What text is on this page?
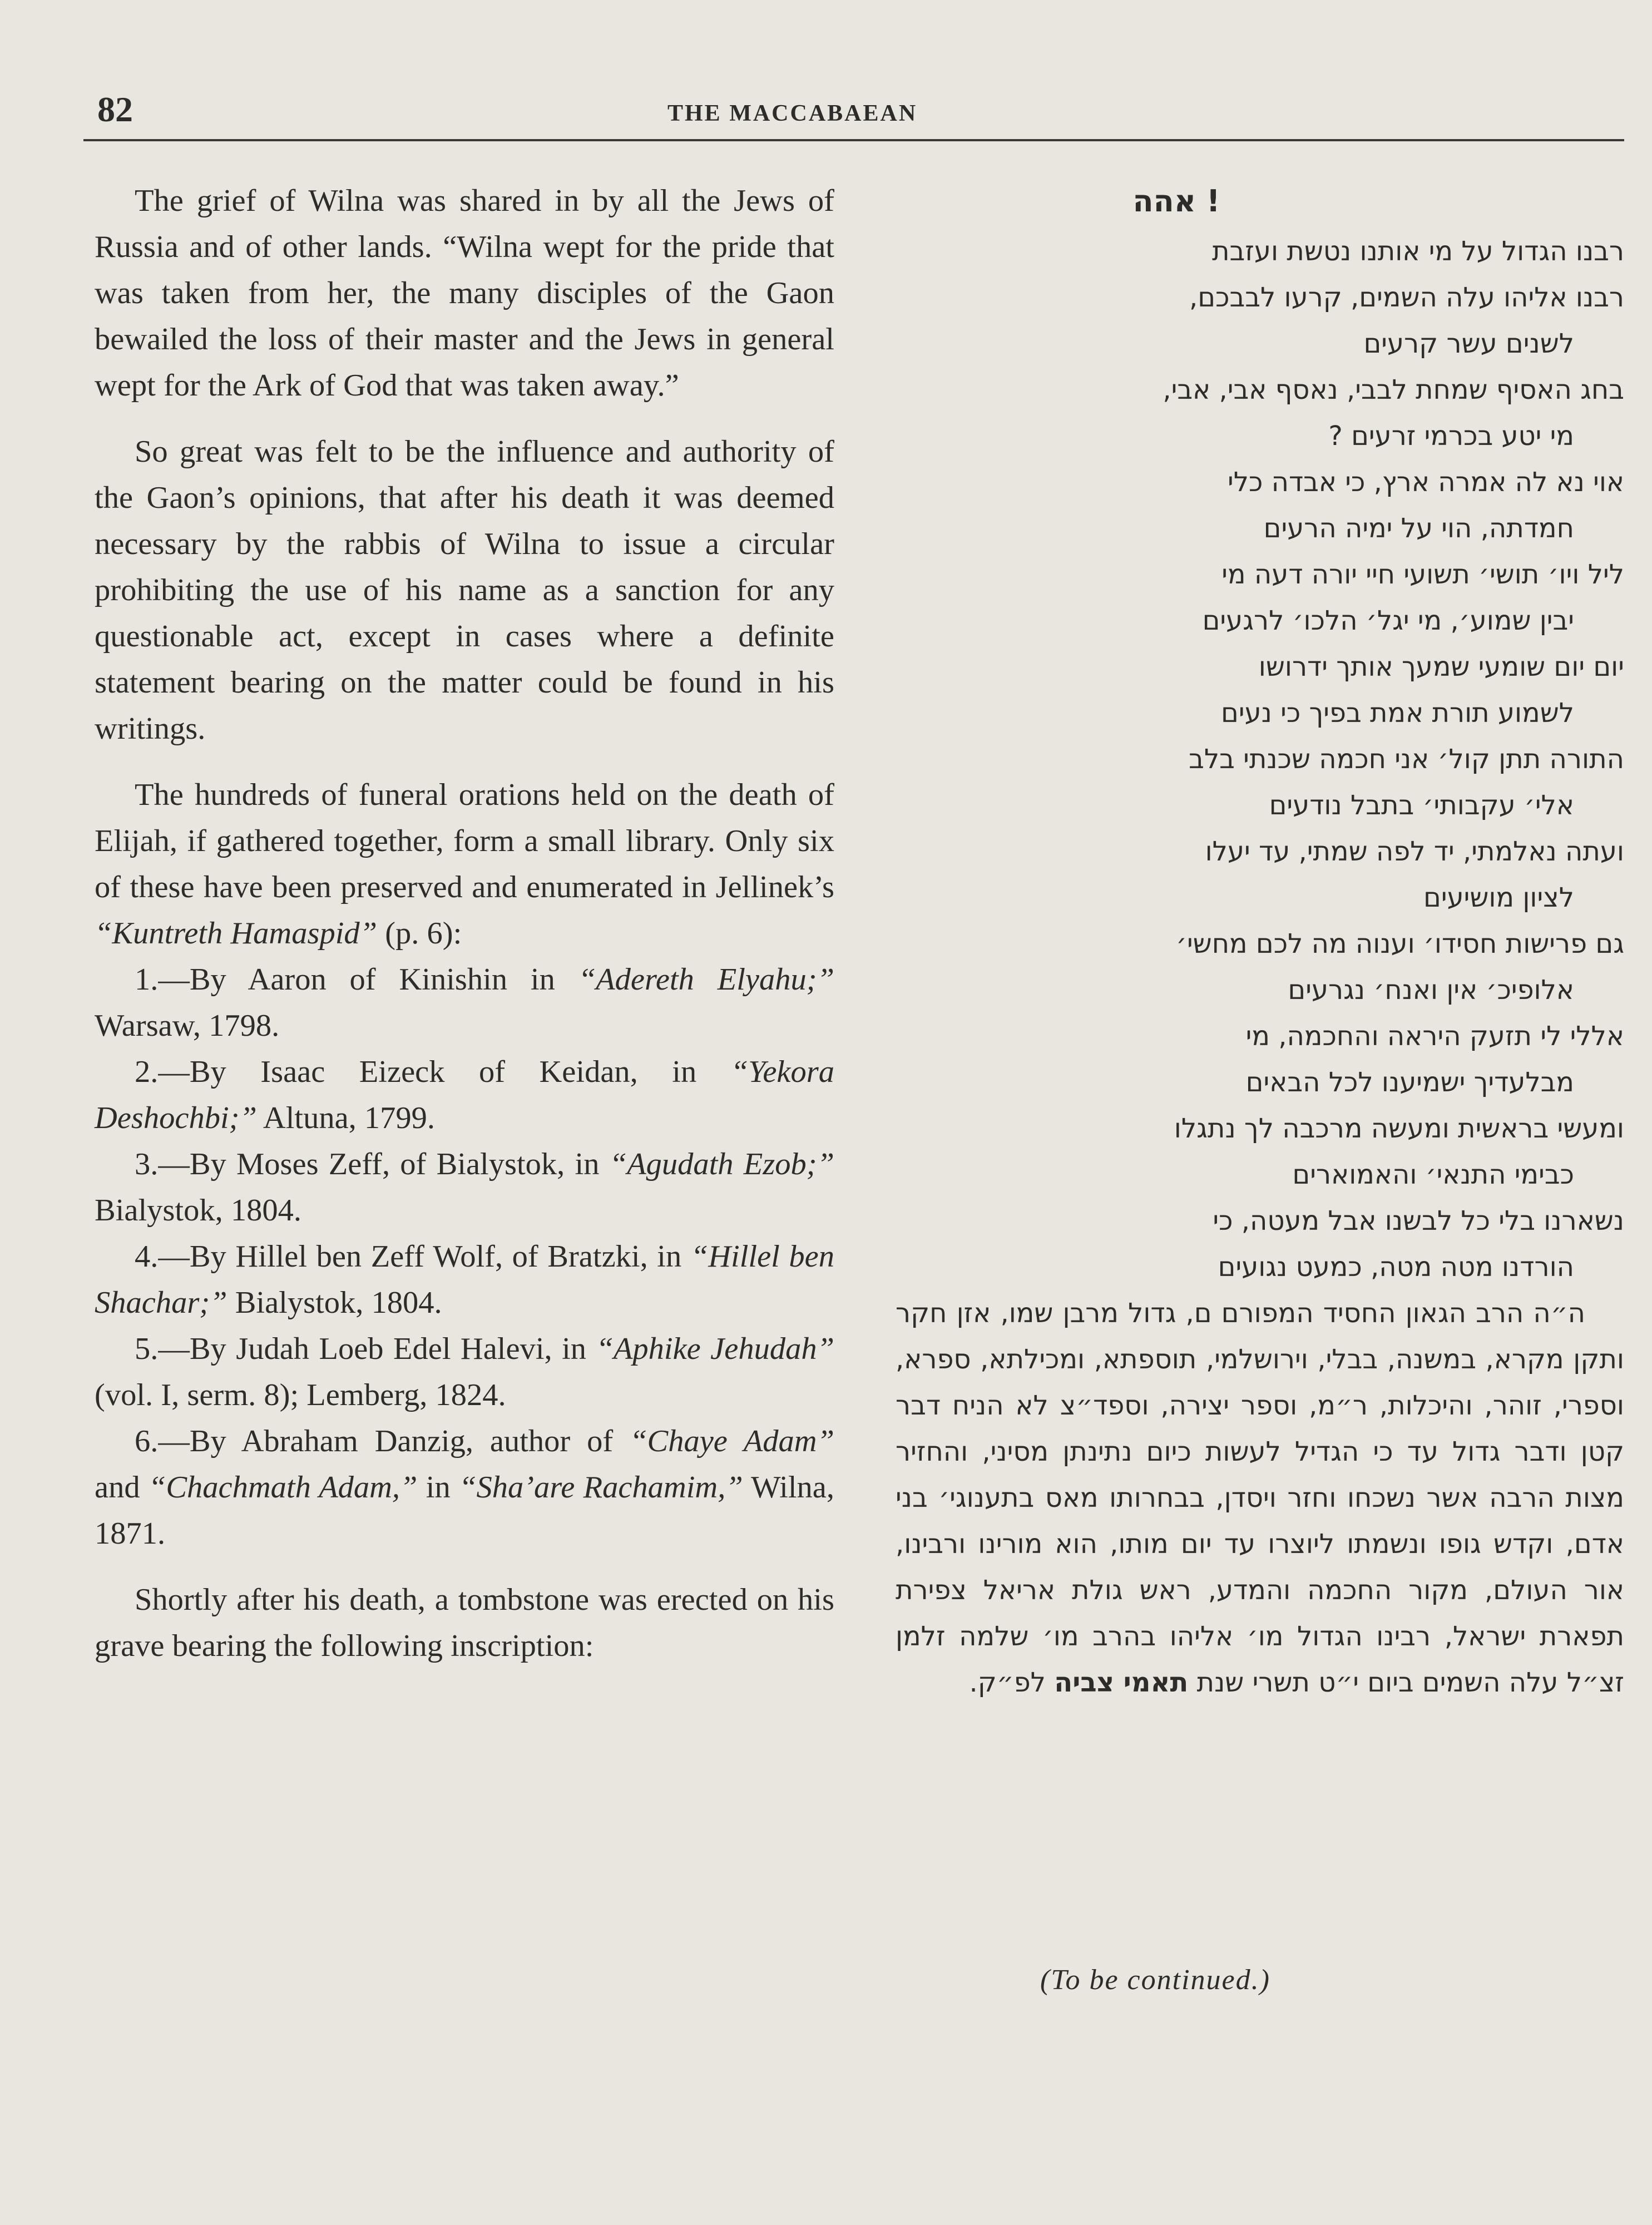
82	THE MACCABAEAN

The grief of Wilna was shared in by all the Jews of Russia and of other lands. “Wilna wept for the pride that was taken from her, the many disciples of the Gaon bewailed the loss of their master and the Jews in general wept for the Ark of God that was taken away.”

So great was felt to be the influence and authority of the Gaon’s opinions, that after his death it was deemed necessary by the rabbis of Wilna to issue a circular prohibiting the use of his name as a sanction for any questionable act, except in cases where a definite statement bearing on the matter could be found in his writings.

The hundreds of funeral orations held on the death of Elijah, if gathered together, form a small library. Only six of these have been preserved and enumerated in Jellinek’s “Kuntreth Hamaspid” (p. 6):

1.—By Aaron of Kinishin in “Adereth Elyahu;” Warsaw, 1798.

2.—By Isaac Eizeck of Keidan, in “Yekora Deshochbi;” Altuna, 1799.

3.—By Moses Zeff, of Bialystok, in “Agudath Ezob;” Bialystok, 1804.

4.—By Hillel ben Zeff Wolf, of Bratzki, in “Hillel ben Shachar;” Bialystok, 1804.

5.—By Judah Loeb Edel Halevi, in “Aphike Jehudah” (vol. I, serm. 8); Lemberg, 1824.

6.—By Abraham Danzig, author of “Chaye Adam” and “Chachmath Adam,” in “Sha’are Rachamim,” Wilna, 1871.

Shortly after his death, a tombstone was erected on his grave bearing the following inscription:

! אהה
רבנו הגדול על מי אותנו נטשת ועזבת
רבנו אליהו עלה השמים, קרעו לבבכם,
לשנים עשר קרעים
בחג האסיף שמחת לבבי, נאסף אבי, אבי,
מי יטע בכרמי זרעים ?
אוי נא לה אמרה ארץ, כי אבדה כלי
חמדתה, הוי על ימיה הרעים
ליל ויו׳ תושי׳ תשועי חיי יורה דעה מי
יבין שמוע׳, מי יגל׳ הלכו׳ לרגעים
יום יום שומעי שמעך אותך ידרושו
לשמוע תורת אמת בפיך כי נעים
התורה תתן קול׳ אני חכמה שכנתי בלב
אלי׳ עקבותי׳ בתבל נודעים
ועתה נאלמתי, יד לפה שמתי, עד יעלו
לציון מושיעים
גם פרישות חסידו׳ וענוה מה לכם מחשי׳
אלופיכ׳ אין ואנח׳ נגרעים
אללי לי תזעק היראה והחכמה, מי
מבלעדיך ישמיענו לכל הבאים
ומעשי בראשית ומעשה מרכבה לך נתגלו
כבימי התנאי׳ והאמוארים
נשארנו בלי כל לבשנו אבל מעטה, כי
הורדנו מטה מטה, כמעט נגועים

ה״ה הרב הגאון החסיד המפורם ם, גדול מרבן שמו, אזן חקר ותקן מקרא, במשנה, בבלי, וירושלמי, תוספתא, ומכילתא, ספרא, וספרי, זוהר, והיכלות, ר״מ, וספר יצירה, וספד״צ לא הניח דבר קטן ודבר גדול עד כי הגדיל לעשות כיום נתינתן מסיני, והחזיר מצות הרבה אשר נשכחו וחזר ויסדן, בבחרותו מאס בתענוגי׳ בני אדם, וקדש גופו ונשמתו ליוצרו עד יום מותו, הוא מורינו ורבינו, אור העולם, מקור החכמה והמדע, ראש גולת אריאל צפירת תפארת ישראל, רבינו הגדול מו׳ אליהו בהרב מו׳ שלמה זלמן זצ״ל עלה השמים ביום י״ט תשרי שנת תאמי צביה לפ״ק.

(To be continued.)
